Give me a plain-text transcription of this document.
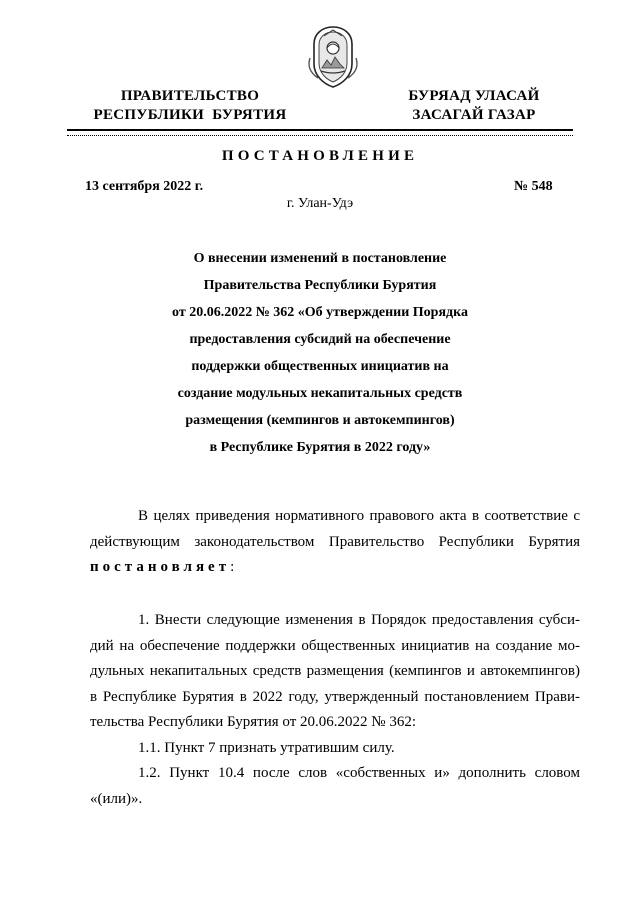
ПРАВИТЕЛЬСТВО
РЕСПУБЛИКИ  БУРЯТИЯ
БУРЯАД УЛАСАЙ
ЗАСАГАЙ ГАЗАР
ПОСТАНОВЛЕНИЕ
13 сентября 2022 г.	№ 548
г. Улан-Удэ
О внесении изменений в постановление
Правительства Республики Бурятия
от 20.06.2022 № 362 «Об утверждении Порядка
предоставления субсидий на обеспечение
поддержки общественных инициатив на
создание модульных некапитальных средств
размещения (кемпингов и автокемпингов)
в Республике Бурятия в 2022 году»
В целях приведения нормативного правового акта в соответствие с
действующим законодательством Правительство Республики Бурятия
постановляет:
1. Внести следующие изменения в Порядок предоставления субси-
дий на обеспечение поддержки общественных инициатив на создание мо-
дульных некапитальных средств размещения (кемпингов и автокемпингов)
в Республике Бурятия в 2022 году, утвержденный постановлением Прави-
тельства Республики Бурятия от 20.06.2022 № 362:
1.1. Пункт 7 признать утратившим силу.
1.2. Пункт 10.4 после слов «собственных и» дополнить словом
«(или)».
